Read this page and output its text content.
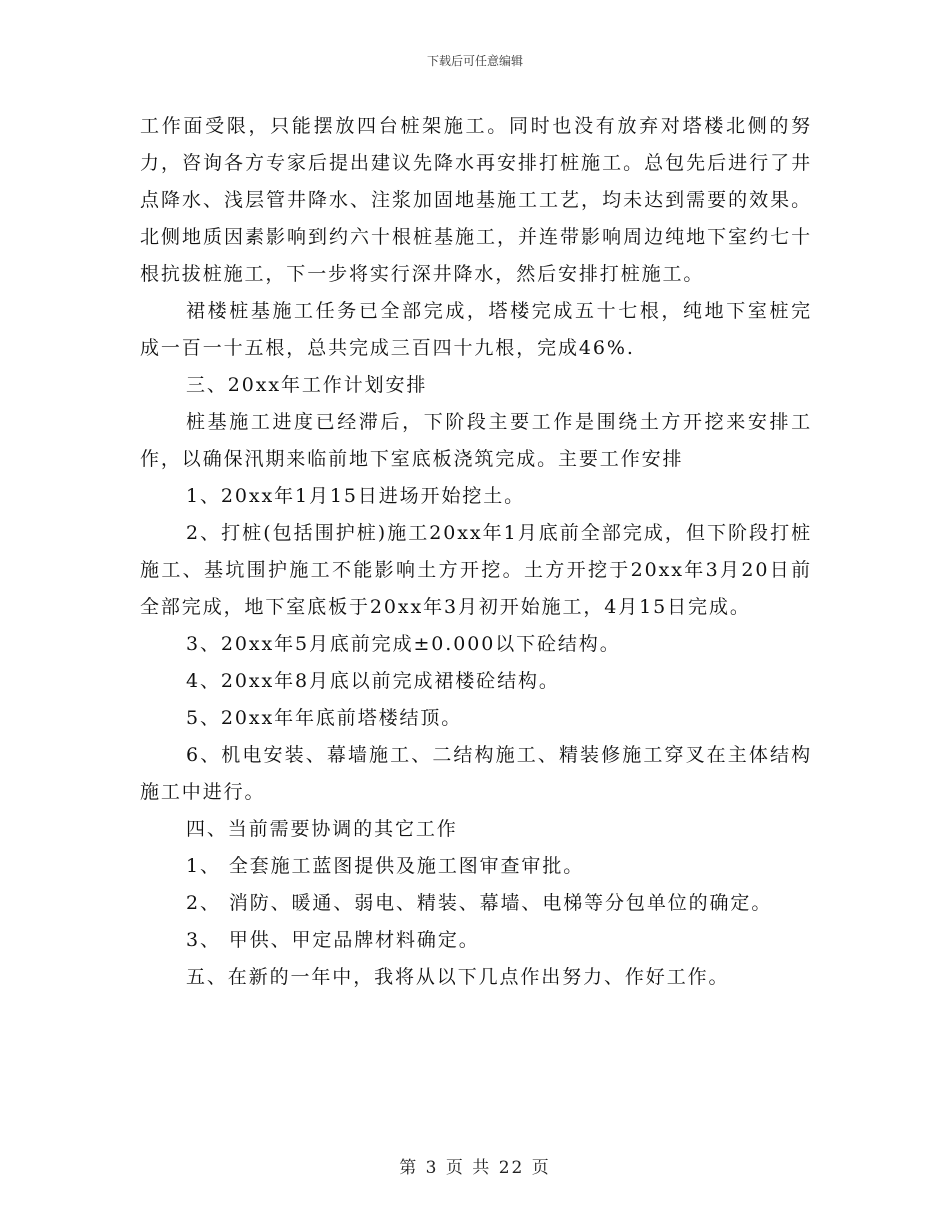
下载后可任意编辑

工作面受限，只能摆放四台桩架施工。同时也没有放弃对塔楼北侧的努力，咨询各方专家后提出建议先降水再安排打桩施工。总包先后进行了井点降水、浅层管井降水、注浆加固地基施工工艺，均未达到需要的效果。北侧地质因素影响到约六十根桩基施工，并连带影响周边纯地下室约七十根抗拔桩施工，下一步将实行深井降水，然后安排打桩施工。

裙楼桩基施工任务已全部完成，塔楼完成五十七根，纯地下室桩完成一百一十五根，总共完成三百四十九根，完成46%.

三、20xx年工作计划安排

桩基施工进度已经滞后，下阶段主要工作是围绕土方开挖来安排工作，以确保汛期来临前地下室底板浇筑完成。主要工作安排

1、20xx年1月15日进场开始挖土。

2、打桩(包括围护桩)施工20xx年1月底前全部完成，但下阶段打桩施工、基坑围护施工不能影响土方开挖。土方开挖于20xx年3月20日前全部完成，地下室底板于20xx年3月初开始施工，4月15日完成。

3、20xx年5月底前完成±0.000以下砼结构。

4、20xx年8月底以前完成裙楼砼结构。

5、20xx年年底前塔楼结顶。

6、机电安装、幕墙施工、二结构施工、精装修施工穿叉在主体结构施工中进行。

四、当前需要协调的其它工作

1、 全套施工蓝图提供及施工图审查审批。

2、 消防、暖通、弱电、精装、幕墙、电梯等分包单位的确定。

3、 甲供、甲定品牌材料确定。

五、在新的一年中，我将从以下几点作出努力、作好工作。

第 3 页 共 22 页
